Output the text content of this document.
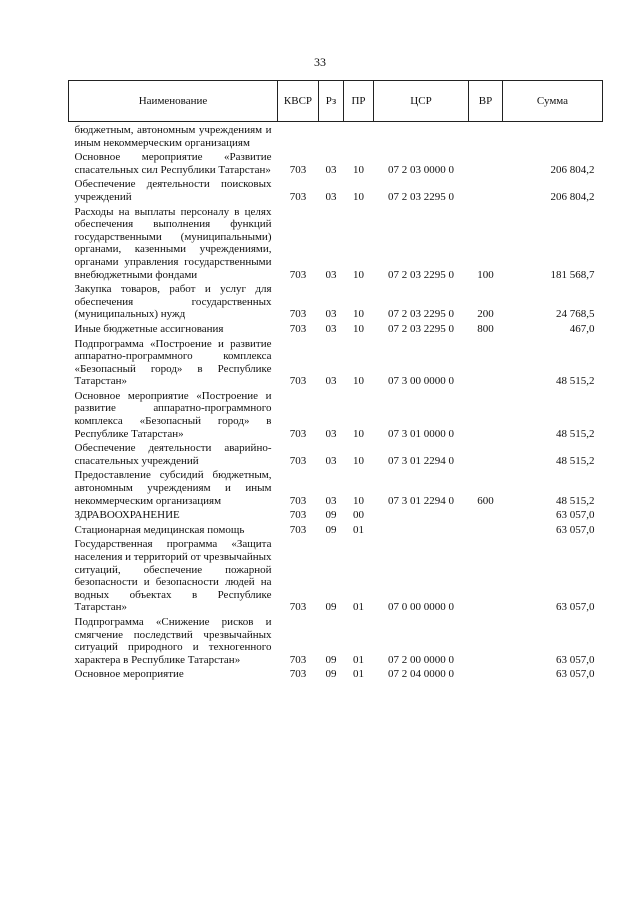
33
Наименование	КВСР	Рз	ПР	ЦСР	ВР	Сумма
бюджетным, автономным учреждениям и иным некоммерческим организациям						
Основное мероприятие «Развитие спасательных сил Республики Татарстан»	703	03	10	07 2 03 0000 0		206 804,2
Обеспечение деятельности поисковых учреждений	703	03	10	07 2 03 2295 0		206 804,2
Расходы на выплаты персоналу в целях обеспечения выполнения функций государственными (муниципальными) органами, казенными учреждениями, органами управления государственными внебюджетными фондами	703	03	10	07 2 03 2295 0	100	181 568,7
Закупка товаров, работ и услуг для обеспечения государственных (муниципальных) нужд	703	03	10	07 2 03 2295 0	200	24 768,5
Иные бюджетные ассигнования	703	03	10	07 2 03 2295 0	800	467,0
Подпрограмма «Построение и развитие аппаратно-программного комплекса «Безопасный город» в Республике Татарстан»	703	03	10	07 3 00 0000 0		48 515,2
Основное мероприятие «Построение и развитие аппаратно-программного комплекса «Безопасный город» в Республике Татарстан»	703	03	10	07 3 01 0000 0		48 515,2
Обеспечение деятельности аварийно-спасательных учреждений	703	03	10	07 3 01 2294 0		48 515,2
Предоставление субсидий бюджетным, автономным учреждениям и иным некоммерческим организациям	703	03	10	07 3 01 2294 0	600	48 515,2
ЗДРАВООХРАНЕНИЕ	703	09	00			63 057,0
Стационарная медицинская помощь	703	09	01			63 057,0
Государственная программа «Защита населения и территорий от чрезвычайных ситуаций, обеспечение пожарной безопасности и безопасности людей на водных объектах в Республике Татарстан»	703	09	01	07 0 00 0000 0		63 057,0
Подпрограмма «Снижение рисков и смягчение последствий чрезвычайных ситуаций природного и техногенного характера в Республике Татарстан»	703	09	01	07 2 00 0000 0		63 057,0
Основное мероприятие	703	09	01	07 2 04 0000 0		63 057,0
